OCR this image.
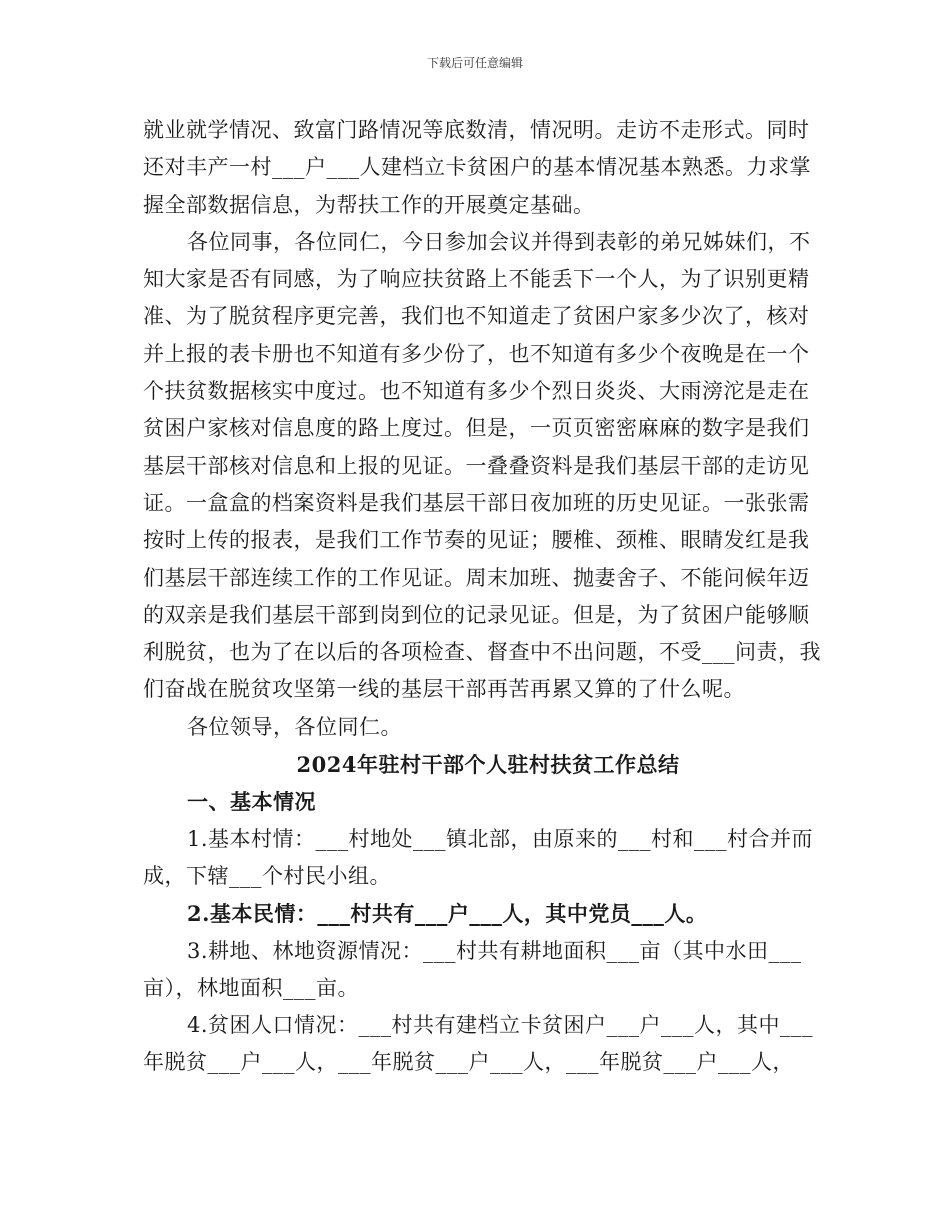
下载后可任意编辑

就业就学情况、致富门路情况等底数清，情况明。走访不走形式。同时还对丰产一村___户___人建档立卡贫困户的基本情况基本熟悉。力求掌握全部数据信息，为帮扶工作的开展奠定基础。

各位同事，各位同仁，今日参加会议并得到表彰的弟兄姊妹们，不知大家是否有同感，为了响应扶贫路上不能丢下一个人，为了识别更精准、为了脱贫程序更完善，我们也不知道走了贫困户家多少次了，核对并上报的表卡册也不知道有多少份了，也不知道有多少个夜晚是在一个个扶贫数据核实中度过。也不知道有多少个烈日炎炎、大雨滂沱是走在贫困户家核对信息度的路上度过。但是，一页页密密麻麻的数字是我们基层干部核对信息和上报的见证。一叠叠资料是我们基层干部的走访见证。一盒盒的档案资料是我们基层干部日夜加班的历史见证。一张张需按时上传的报表，是我们工作节奏的见证；腰椎、颈椎、眼睛发红是我们基层干部连续工作的工作见证。周末加班、抛妻舍子、不能问候年迈的双亲是我们基层干部到岗到位的记录见证。但是，为了贫困户能够顺利脱贫，也为了在以后的各项检查、督查中不出问题，不受___问责，我们奋战在脱贫攻坚第一线的基层干部再苦再累又算的了什么呢。

各位领导，各位同仁。

2024年驻村干部个人驻村扶贫工作总结

一、基本情况

1.基本村情：___村地处___镇北部，由原来的___村和___村合并而成，下辖___个村民小组。

2.基本民情：___村共有___户___人，其中党员___人。

3.耕地、林地资源情况：___村共有耕地面积___亩（其中水田___亩），林地面积___亩。

4.贫困人口情况：___村共有建档立卡贫困户___户___人，其中___年脱贫___户___人，___年脱贫___户___人，___年脱贫___户___人，
